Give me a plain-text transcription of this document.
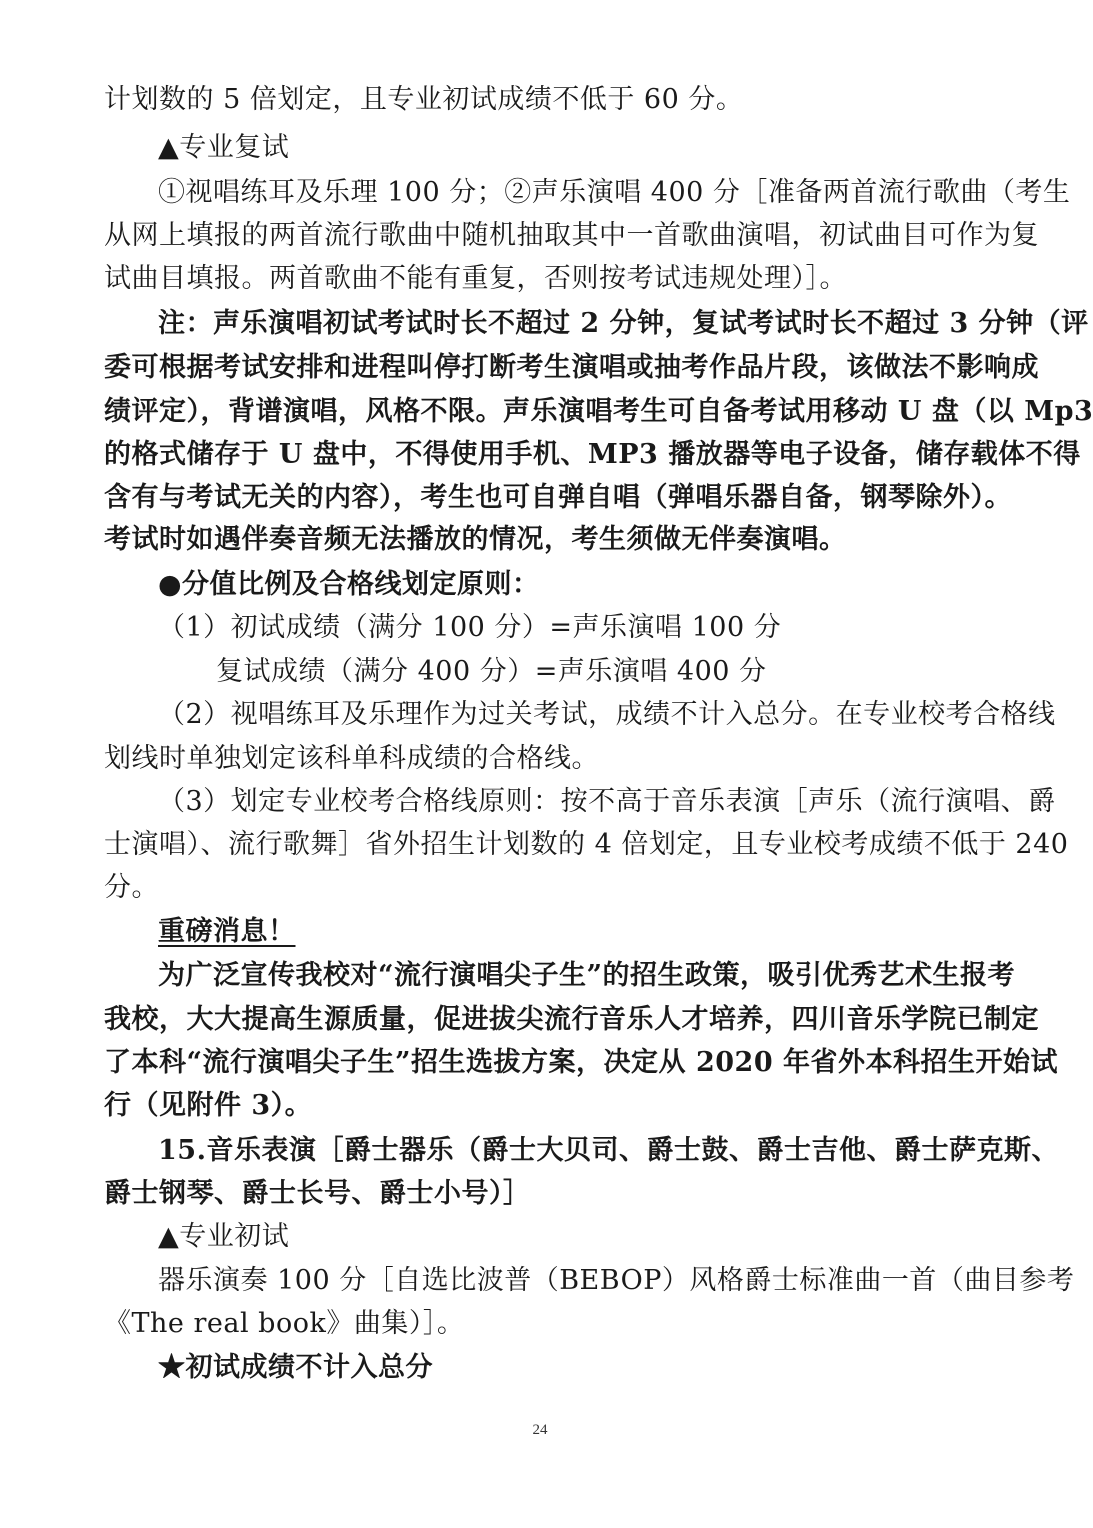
计划数的 5 倍划定，且专业初试成绩不低于 60 分。
▲专业复试
①视唱练耳及乐理 100 分；②声乐演唱 400 分［准备两首流行歌曲（考生
从网上填报的两首流行歌曲中随机抽取其中一首歌曲演唱，初试曲目可作为复
试曲目填报。两首歌曲不能有重复，否则按考试违规处理）］。
注：声乐演唱初试考试时长不超过 2 分钟，复试考试时长不超过 3 分钟（评
委可根据考试安排和进程叫停打断考生演唱或抽考作品片段，该做法不影响成
绩评定），背谱演唱，风格不限。声乐演唱考生可自备考试用移动 U 盘（以 Mp3
的格式储存于 U 盘中，不得使用手机、MP3 播放器等电子设备，储存载体不得
含有与考试无关的内容），考生也可自弹自唱（弹唱乐器自备，钢琴除外）。
考试时如遇伴奏音频无法播放的情况，考生须做无伴奏演唱。
●分值比例及合格线划定原则：
（1）初试成绩（满分 100 分）=声乐演唱 100 分
复试成绩（满分 400 分）=声乐演唱 400 分
（2）视唱练耳及乐理作为过关考试，成绩不计入总分。在专业校考合格线
划线时单独划定该科单科成绩的合格线。
（3）划定专业校考合格线原则：按不高于音乐表演［声乐（流行演唱、爵
士演唱）、流行歌舞］省外招生计划数的 4 倍划定，且专业校考成绩不低于 240
分。
重磅消息！
为广泛宣传我校对“流行演唱尖子生”的招生政策，吸引优秀艺术生报考
我校，大大提高生源质量，促进拔尖流行音乐人才培养，四川音乐学院已制定
了本科“流行演唱尖子生”招生选拔方案，决定从 2020 年省外本科招生开始试
行（见附件 3）。
15.音乐表演［爵士器乐（爵士大贝司、爵士鼓、爵士吉他、爵士萨克斯、
爵士钢琴、爵士长号、爵士小号）］
▲专业初试
器乐演奏 100 分［自选比波普（BEBOP）风格爵士标准曲一首（曲目参考
《The real book》曲集）］。
★初试成绩不计入总分
24
